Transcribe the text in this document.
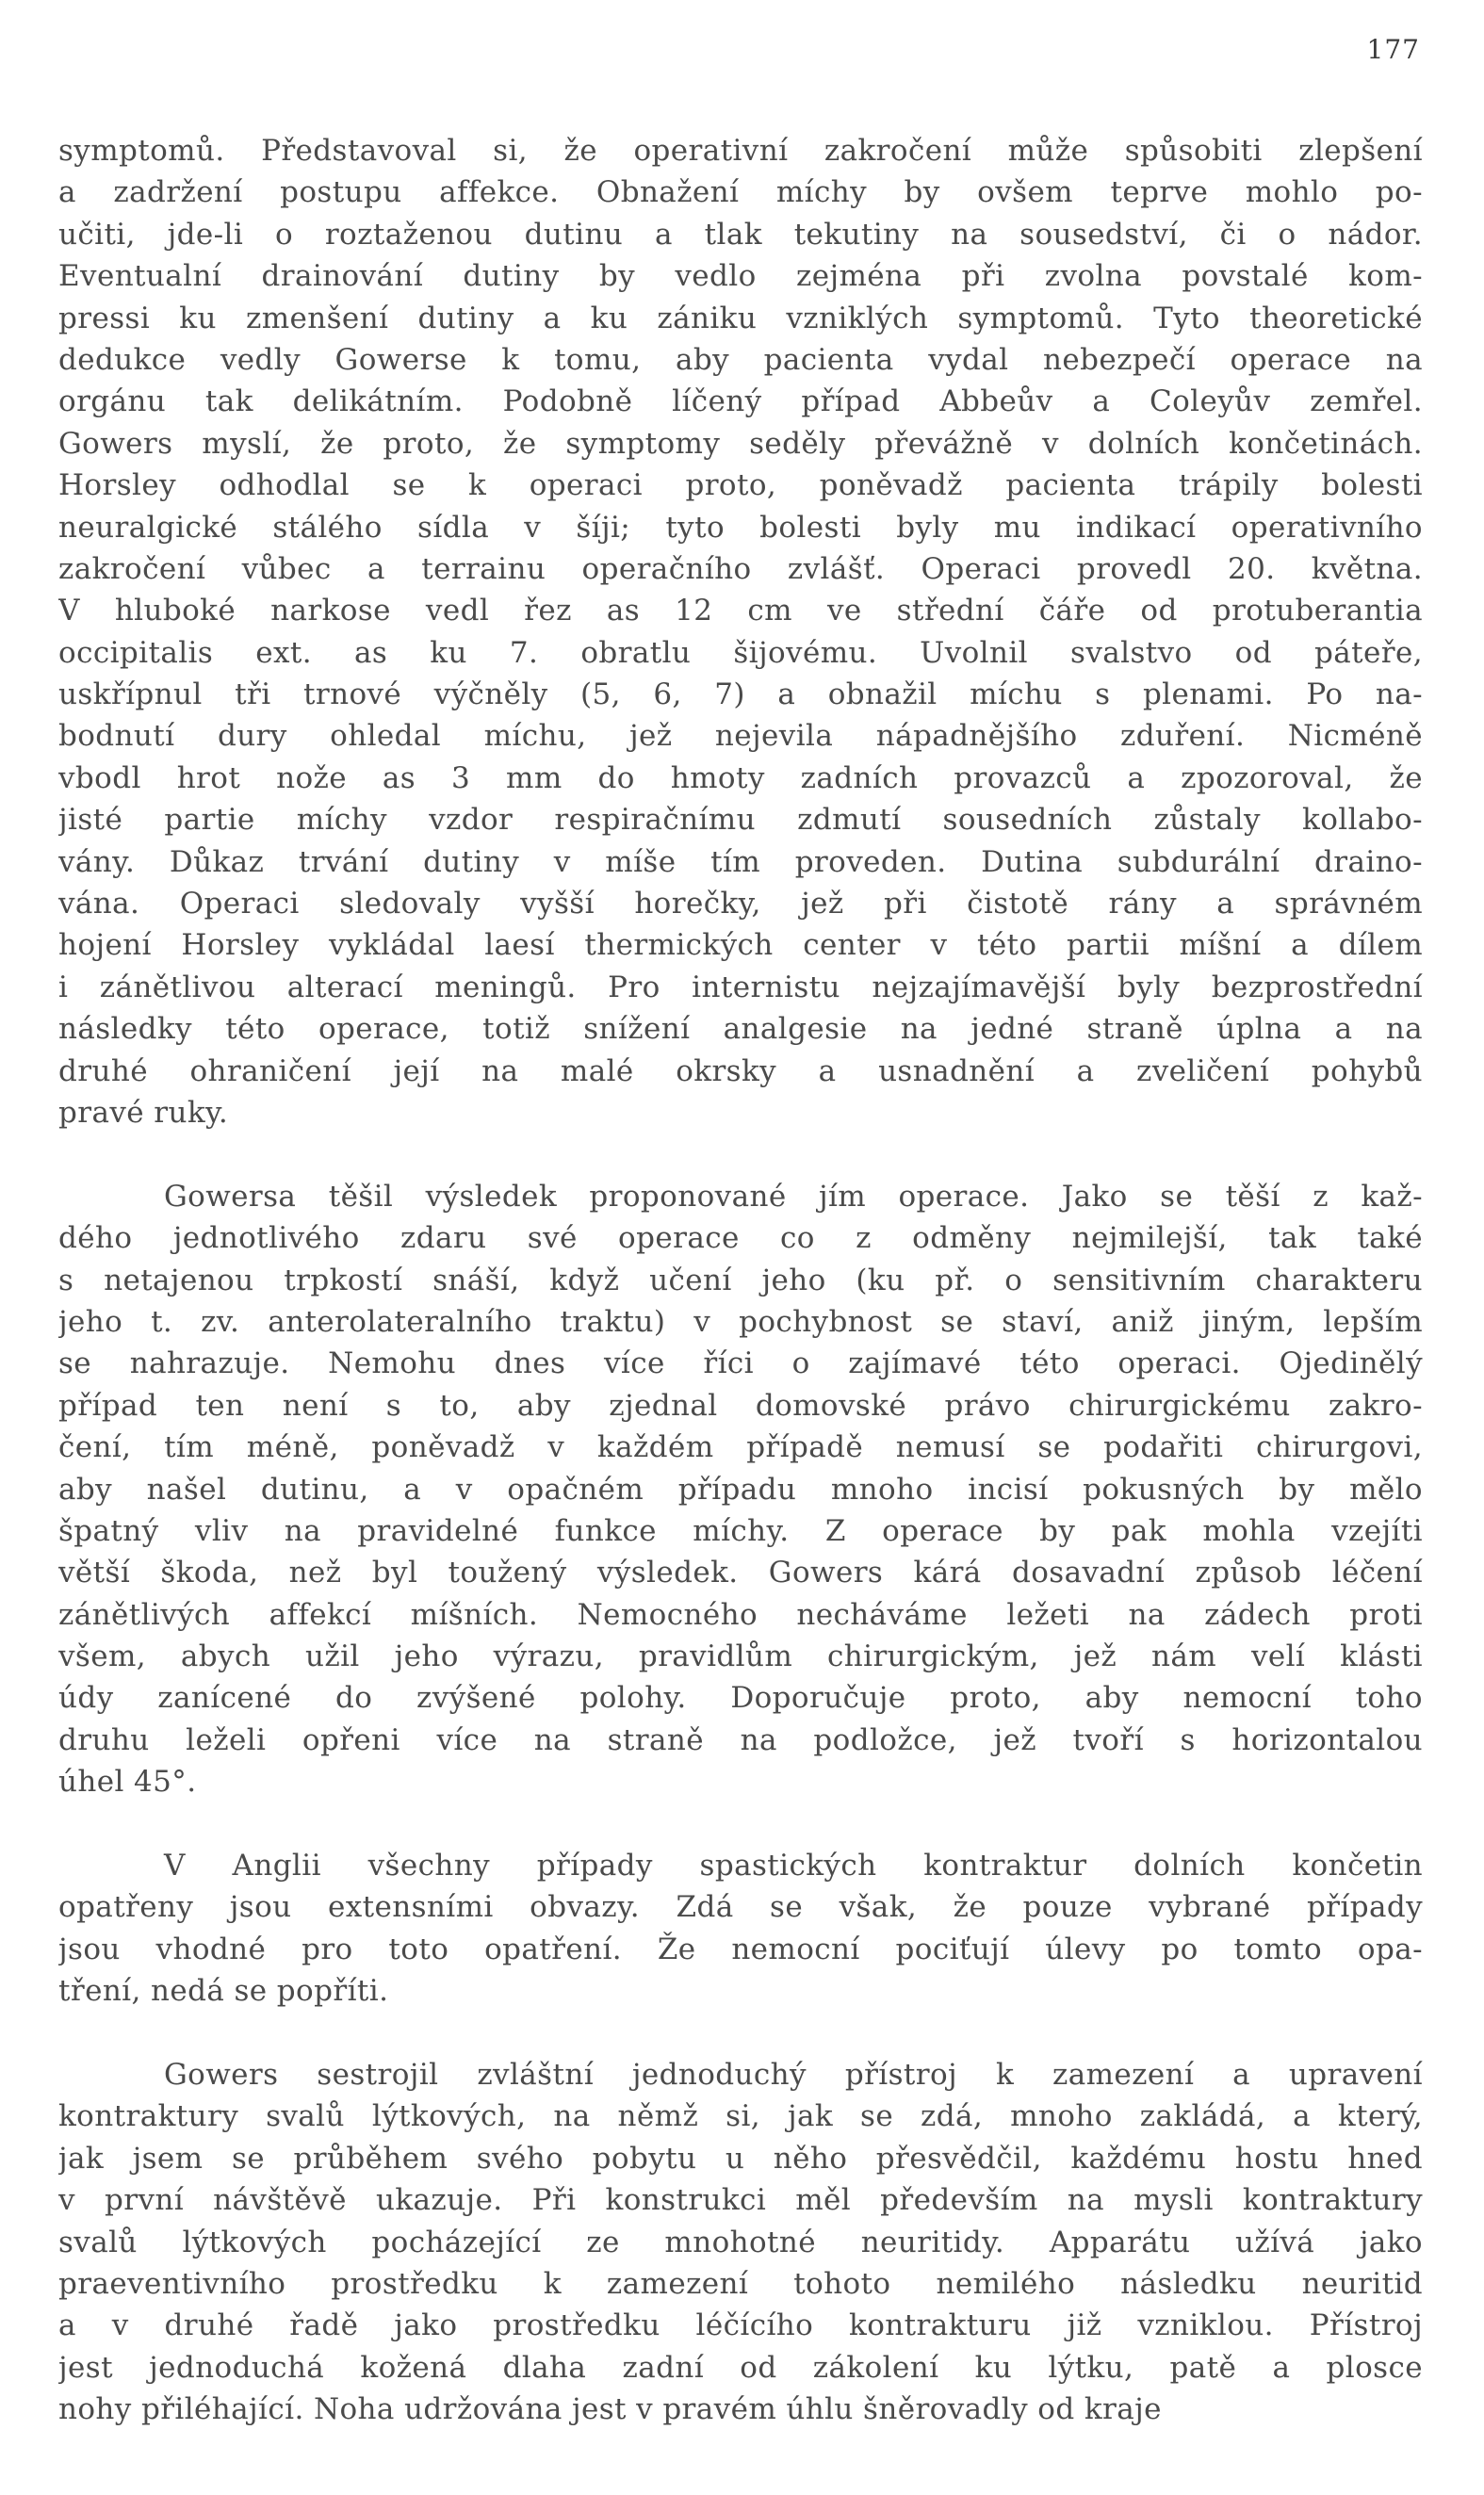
177
symptomů. Představoval si, že operativní zakročení může spůsobiti zlepšení
a zadržení postupu affekce. Obnažení míchy by ovšem teprve mohlo po-
učiti, jde-li o roztaženou dutinu a tlak tekutiny na sousedství, či o nádor.
Eventualní drainování dutiny by vedlo zejména při zvolna povstalé kom-
pressi ku zmenšení dutiny a ku zániku vzniklých symptomů. Tyto theoretické
dedukce vedly Gowerse k tomu, aby pacienta vydal nebezpečí operace na
orgánu tak delikátním. Podobně líčený případ Abbeův a Coleyův zemřel.
Gowers myslí, že proto, že symptomy seděly převážně v dolních končetinách.
Horsley odhodlal se k operaci proto, poněvadž pacienta trápily bolesti
neuralgické stálého sídla v šíji; tyto bolesti byly mu indikací operativního
zakročení vůbec a terrainu operačního zvlášť. Operaci provedl 20. května.
V hluboké narkose vedl řez as 12 cm ve střední čáře od protuberantia
occipitalis ext. as ku 7. obratlu šijovému. Uvolnil svalstvo od páteře,
uskřípnul tři trnové výčněly (5, 6, 7) a obnažil míchu s plenami. Po na-
bodnutí dury ohledal míchu, jež nejevila nápadnějšího zduření. Nicméně
vbodl hrot nože as 3 mm do hmoty zadních provazců a zpozoroval, že
jisté partie míchy vzdor respiračnímu zdmutí sousedních zůstaly kollabo-
vány. Důkaz trvání dutiny v míše tím proveden. Dutina subdurální draino-
vána. Operaci sledovaly vyšší horečky, jež při čistotě rány a správném
hojení Horsley vykládal laesí thermických center v této partii míšní a dílem
i zánětlivou alterací meningů. Pro internistu nejzajímavější byly bezprostřední
následky této operace, totiž snížení analgesie na jedné straně úplna a na
druhé ohraničení její na malé okrsky a usnadnění a zveličení pohybů
pravé ruky.
Gowersa těšil výsledek proponované jím operace. Jako se těší z kaž-
dého jednotlivého zdaru své operace co z odměny nejmilejší, tak také
s netajenou trpkostí snáší, když učení jeho (ku př. o sensitivním charakteru
jeho t. zv. anterolateralního traktu) v pochybnost se staví, aniž jiným, lepším
se nahrazuje. Nemohu dnes více říci o zajímavé této operaci. Ojedinělý
případ ten není s to, aby zjednal domovské právo chirurgickému zakro-
čení, tím méně, poněvadž v každém případě nemusí se podařiti chirurgovi,
aby našel dutinu, a v opačném případu mnoho incisí pokusných by mělo
špatný vliv na pravidelné funkce míchy. Z operace by pak mohla vzejíti
větší škoda, než byl toužený výsledek. Gowers kárá dosavadní způsob léčení
zánětlivých affekcí míšních. Nemocného necháváme ležeti na zádech proti
všem, abych užil jeho výrazu, pravidlům chirurgickým, jež nám velí klásti
údy zanícené do zvýšené polohy. Doporučuje proto, aby nemocní toho
druhu leželi opřeni více na straně na podložce, jež tvoří s horizontalou
úhel 45°.
V Anglii všechny případy spastických kontraktur dolních končetin
opatřeny jsou extensními obvazy. Zdá se však, že pouze vybrané případy
jsou vhodné pro toto opatření. Že nemocní pociťují úlevy po tomto opa-
tření, nedá se popříti.
Gowers sestrojil zvláštní jednoduchý přístroj k zamezení a upravení
kontraktury svalů lýtkových, na němž si, jak se zdá, mnoho zakládá, a který,
jak jsem se průběhem svého pobytu u něho přesvědčil, každému hostu hned
v první návštěvě ukazuje. Při konstrukci měl především na mysli kontraktury
svalů lýtkových pocházející ze mnohotné neuritidy. Apparátu užívá jako
praeventivního prostředku k zamezení tohoto nemilého následku neuritid
a v druhé řadě jako prostředku léčícího kontrakturu již vzniklou. Přístroj
jest jednoduchá kožená dlaha zadní od zákolení ku lýtku, patě a plosce
nohy přiléhající. Noha udržována jest v pravém úhlu šněrovadly od kraje
